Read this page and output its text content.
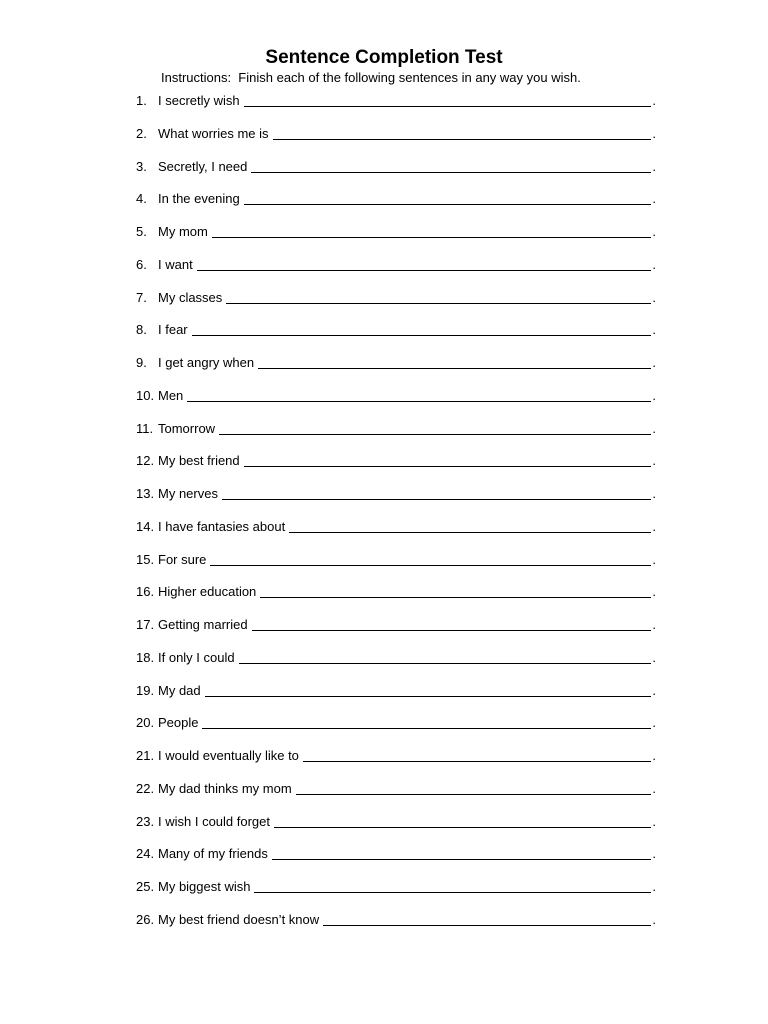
Sentence Completion Test
Instructions:  Finish each of the following sentences in any way you wish.
1. I secretly wish	.
2. What worries me is	.
3. Secretly, I need	.
4. In the evening	.
5. My mom	.
6. I want	.
7. My classes	.
8. I fear	.
9. I get angry when	.
10. Men	.
11. Tomorrow	.
12. My best friend	.
13. My nerves	.
14. I have fantasies about	.
15. For sure	.
16. Higher education	.
17. Getting married	.
18. If only I could	.
19. My dad	.
20. People	.
21. I would eventually like to	.
22. My dad thinks my mom	.
23. I wish I could forget	.
24. Many of my friends	.
25. My biggest wish	.
26. My best friend doesn’t know	.
